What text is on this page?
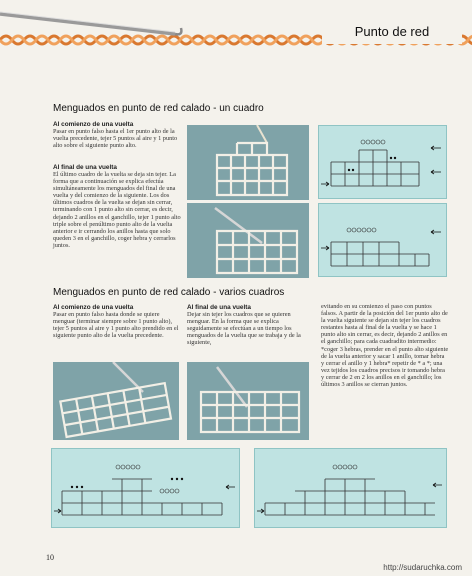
Punto de red
Menguados en punto de red calado - un cuadro
Al comienzo de una vuelta

Pasar en punto falso hasta el 1er punto alto de la vuelta precedente, tejer 5 puntos al aire y 1 punto alto sobre el siguiente punto alto.

Al final de una vuelta

El último cuadro de la vuelta se deja sin tejer. La forma que a continuación se explica efectúa simultáneamente los menguados del final de una vuelta y del comienzo de la siguiente. Los dos últimos cuadros de la vuelta se dejan sin cerrar, terminando con 1 punto alto sin cerrar, es decir, dejando 2 anillos en el ganchillo, tejer 1 punto alto triple sobre el penúltimo punto alto de la vuelta anterior e ir cerrando los anillos hasta que solo queden 3 en el ganchillo, coger hebra y cerrarlos juntos.

Menguados en punto de red calado - varios cuadros
Al comienzo de una vuelta

Pasar en punto falso hasta donde se quiere menguar (terminar siempre sobre 1 punto alto), tejer 5 puntos al aire y 1 punto alto prendido en el siguiente punto alto de la vuelta precedente.

Al final de una vuelta

Dejar sin tejer los cuadros que se quieren menguar. En la forma que se explica seguidamente se efectúan a un tiempo los menguados de la vuelta que se trabaja y de la siguiente,

evitando en su comienzo el paso con puntos falsos. A partir de la posición del 1er punto alto de la vuelta siguiente se dejan sin tejer los cuadros restantes hasta al final de la vuelta y se hace 1 punto alto sin cerrar, es decir, dejando 2 anillos en el ganchillo; para cada cuadradito intermedio: *coger 3 hebras, prender en el punto alto siguiente de la vuelta anterior y sacar 1 anillo, tomar hebra y cerrar el anillo y 1 hebra* repetir de * a *; una vez tejidos los cuadros precisos ir tomando hebra y cerrar de 2 en 2 los anillos en el ganchillo; los últimos 3 anillos se cierran juntos.

10
http://sudaruchka.com
